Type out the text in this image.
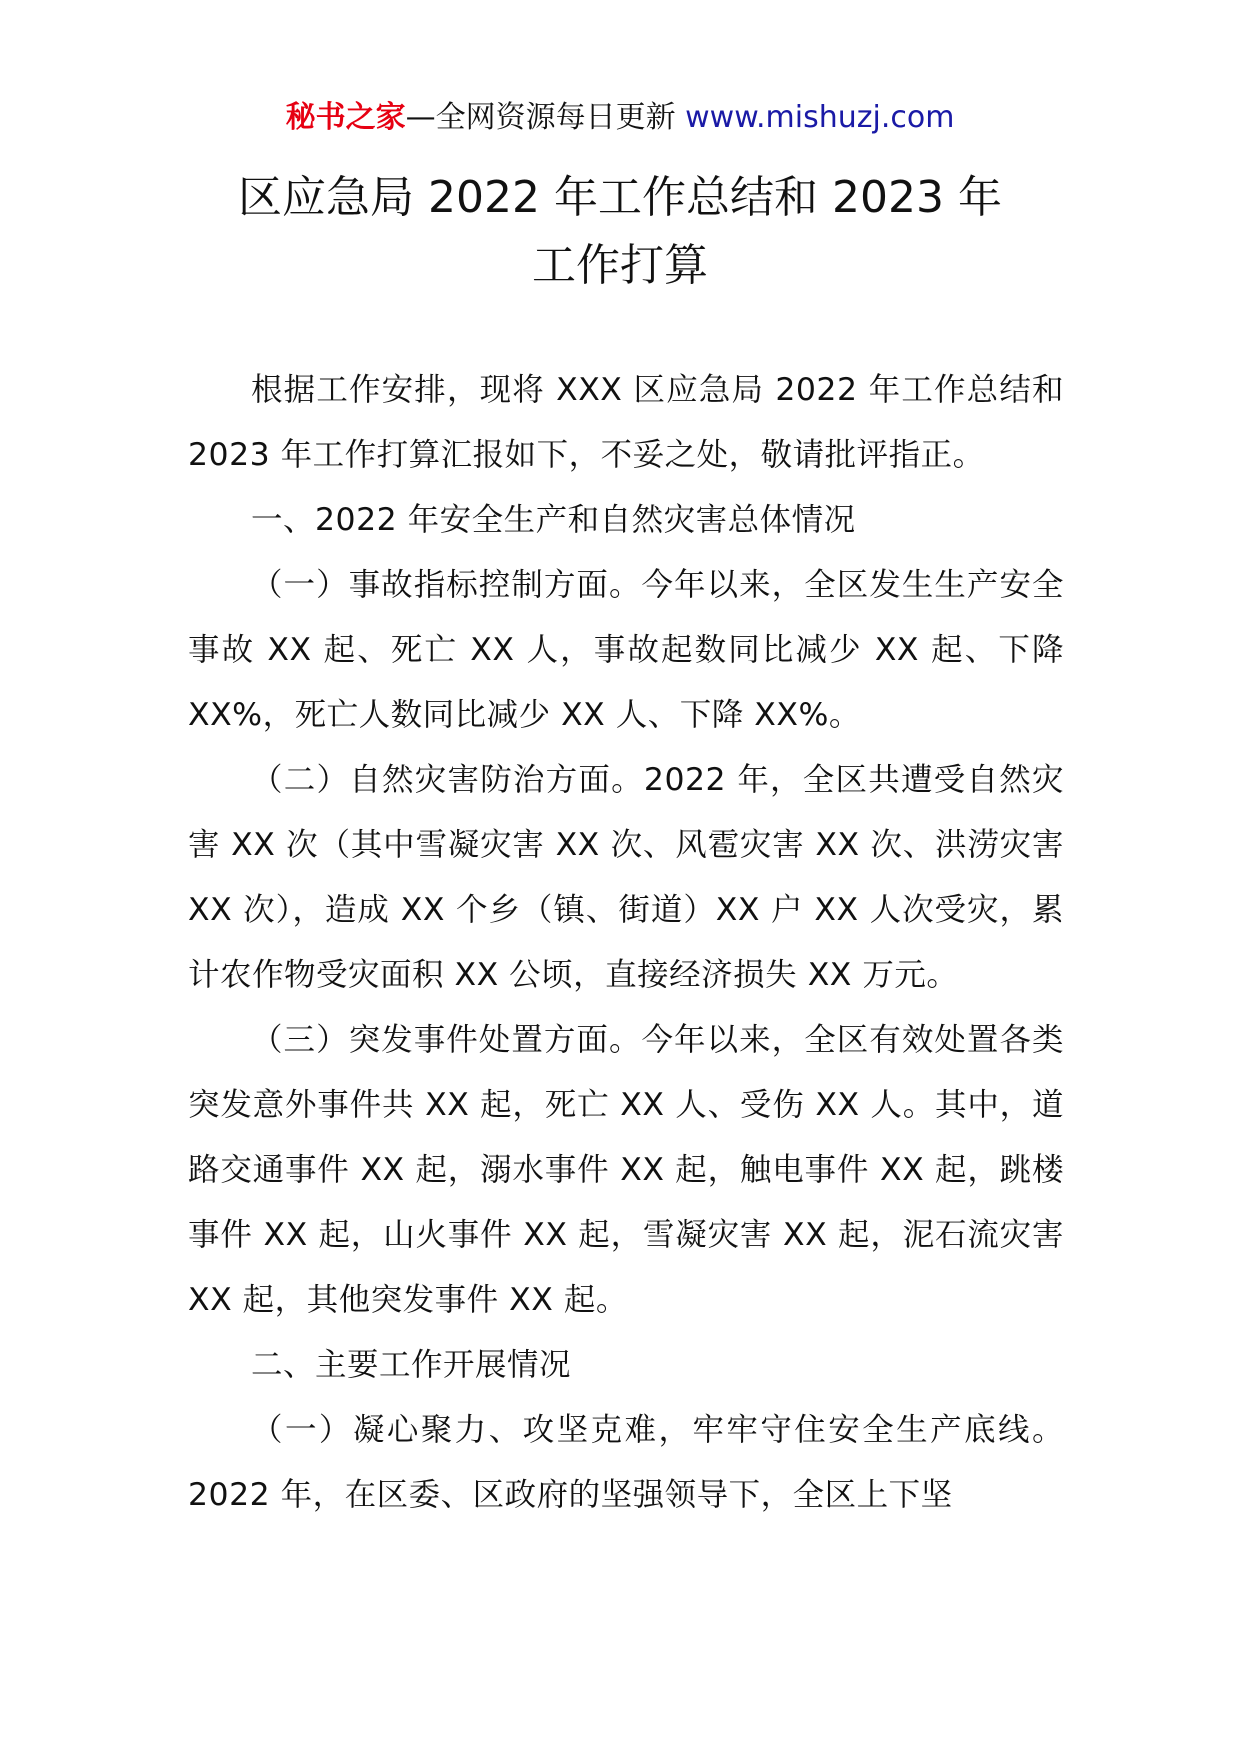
秘书之家—全网资源每日更新 www.mishuzj.com
区应急局 2022 年工作总结和 2023 年
工作打算

根据工作安排，现将 XXX 区应急局 2022 年工作总结和 2023 年工作打算汇报如下，不妥之处，敬请批评指正。

一、2022 年安全生产和自然灾害总体情况

（一）事故指标控制方面。今年以来，全区发生生产安全事故 XX 起、死亡 XX 人，事故起数同比减少 XX 起、下降 XX%，死亡人数同比减少 XX 人、下降 XX%。

（二）自然灾害防治方面。2022 年，全区共遭受自然灾害 XX 次（其中雪凝灾害 XX 次、风雹灾害 XX 次、洪涝灾害 XX 次），造成 XX 个乡（镇、街道）XX 户 XX 人次受灾，累计农作物受灾面积 XX 公顷，直接经济损失 XX 万元。

（三）突发事件处置方面。今年以来，全区有效处置各类突发意外事件共 XX 起，死亡 XX 人、受伤 XX 人。其中，道路交通事件 XX 起，溺水事件 XX 起，触电事件 XX 起，跳楼事件 XX 起，山火事件 XX 起，雪凝灾害 XX 起，泥石流灾害 XX 起，其他突发事件 XX 起。

二、主要工作开展情况

（一）凝心聚力、攻坚克难，牢牢守住安全生产底线。2022 年，在区委、区政府的坚强领导下，全区上下坚
